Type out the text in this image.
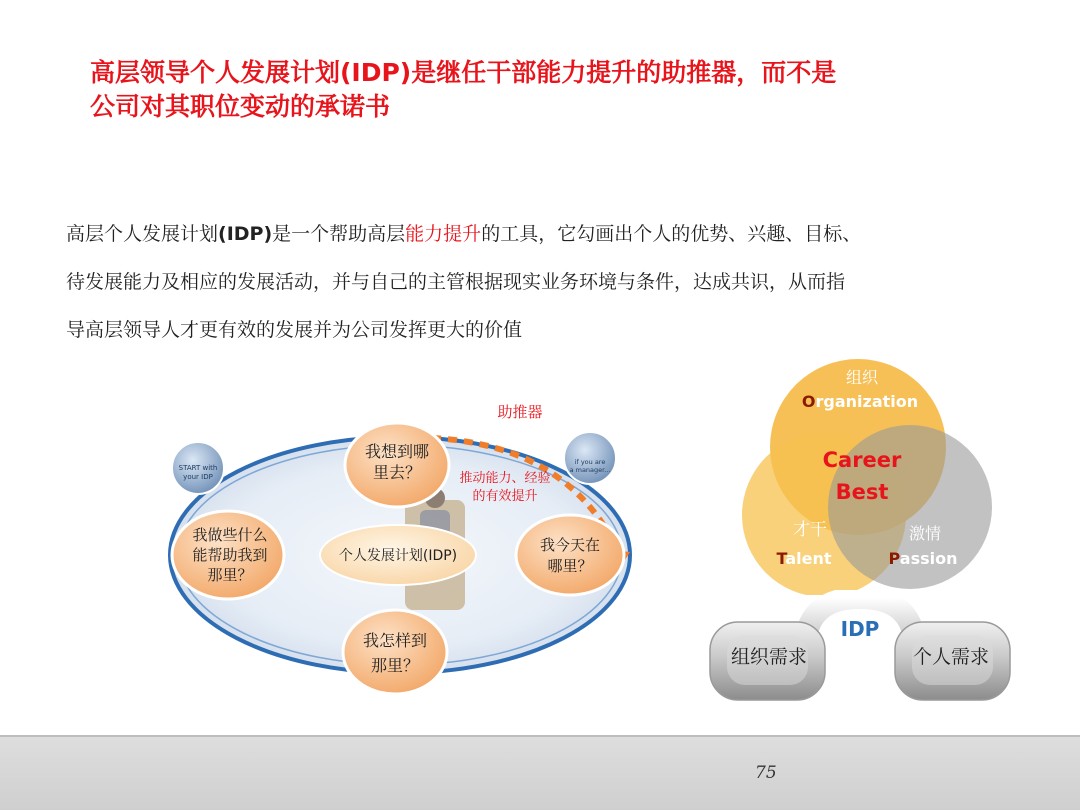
高层领导个人发展计划(IDP)是继任干部能力提升的助推器，而不是
公司对其职位变动的承诺书
高层个人发展计划(IDP)是一个帮助高层能力提升的工具，它勾画出个人的优势、兴趣、目标、
待发展能力及相应的发展活动，并与自己的主管根据现实业务环境与条件，达成共识，从而指
导高层领导人才更有效的发展并为公司发挥更大的价值
助推器
START with
your IDP
if you are
a manager...
推动能力、经验
的有效提升
我想到哪
里去？
我做些什么
能帮助我到
那里？
个人发展计划(IDP)
我今天在
哪里？
我怎样到
那里？
组织
Organization
Career
Best
才干
Talent
激情
Passion
IDP
组织需求	个人需求
75
